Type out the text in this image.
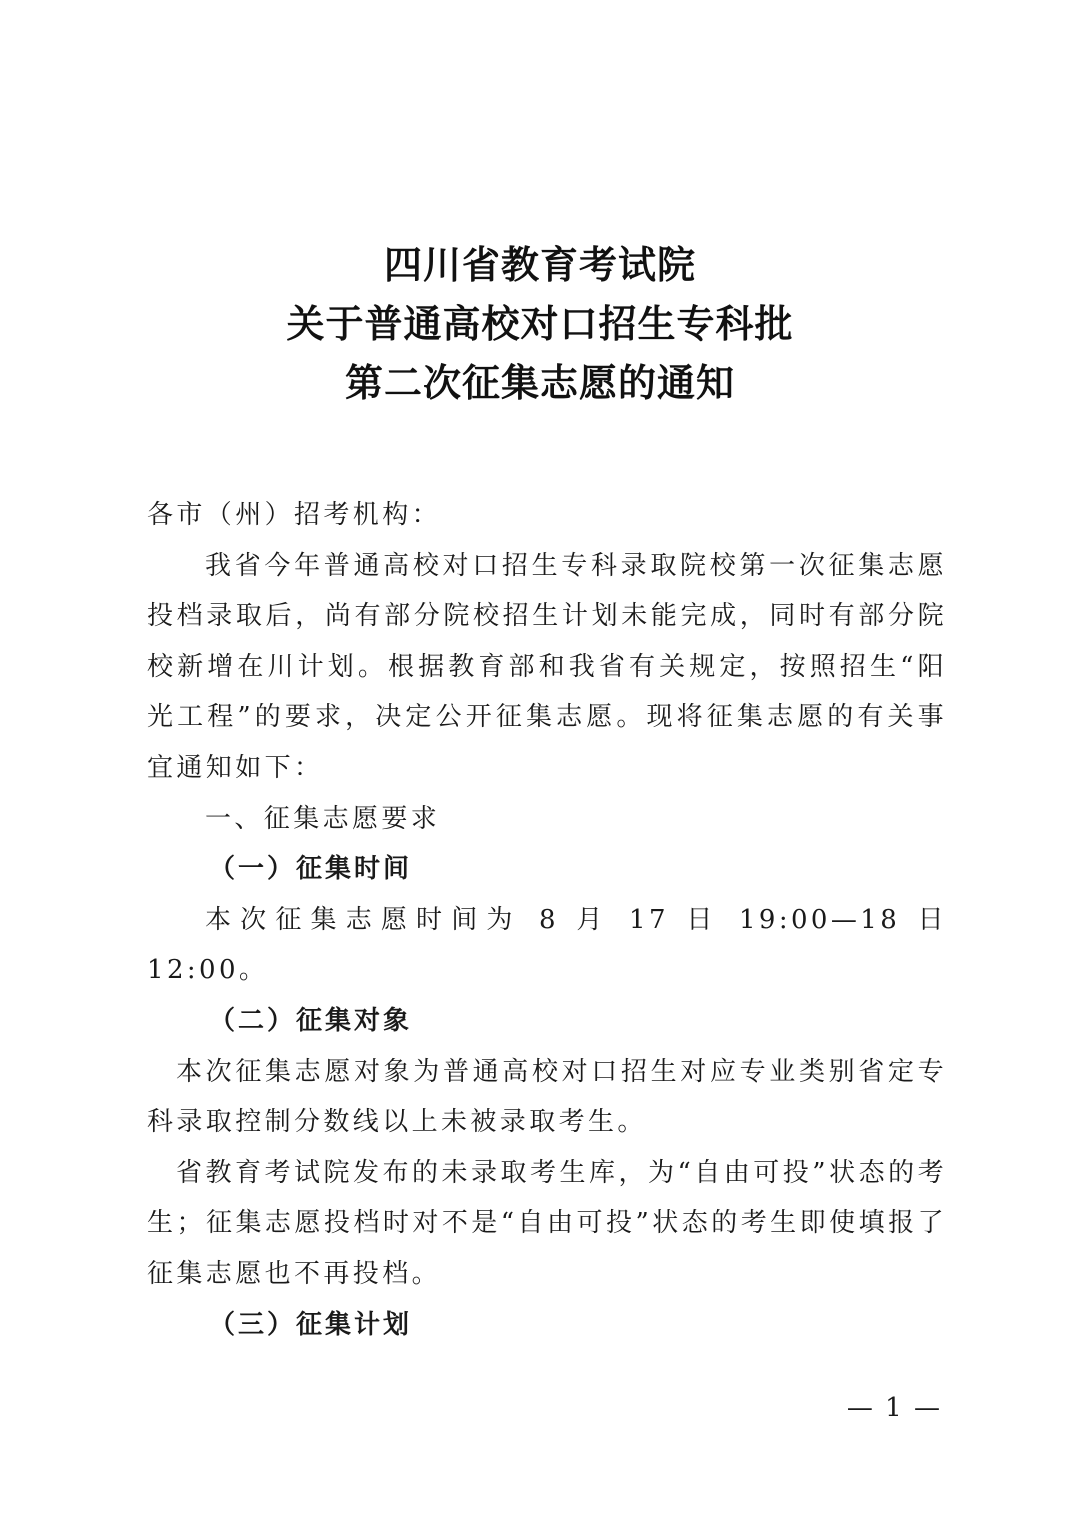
四川省教育考试院
关于普通高校对口招生专科批
第二次征集志愿的通知

各市（州）招考机构：

我省今年普通高校对口招生专科录取院校第一次征集志愿投档录取后，尚有部分院校招生计划未能完成，同时有部分院校新增在川计划。根据教育部和我省有关规定，按照招生“阳光工程”的要求，决定公开征集志愿。现将征集志愿的有关事宜通知如下：

一、征集志愿要求

（一）征集时间

本次征集志愿时间为 8 月 17 日 19:00—18 日 12:00。

（二）征集对象

本次征集志愿对象为普通高校对口招生对应专业类别省定专科录取控制分数线以上未被录取考生。

省教育考试院发布的未录取考生库，为“自由可投”状态的考生；征集志愿投档时对不是“自由可投”状态的考生即使填报了征集志愿也不再投档。

（三）征集计划

— 1 —
